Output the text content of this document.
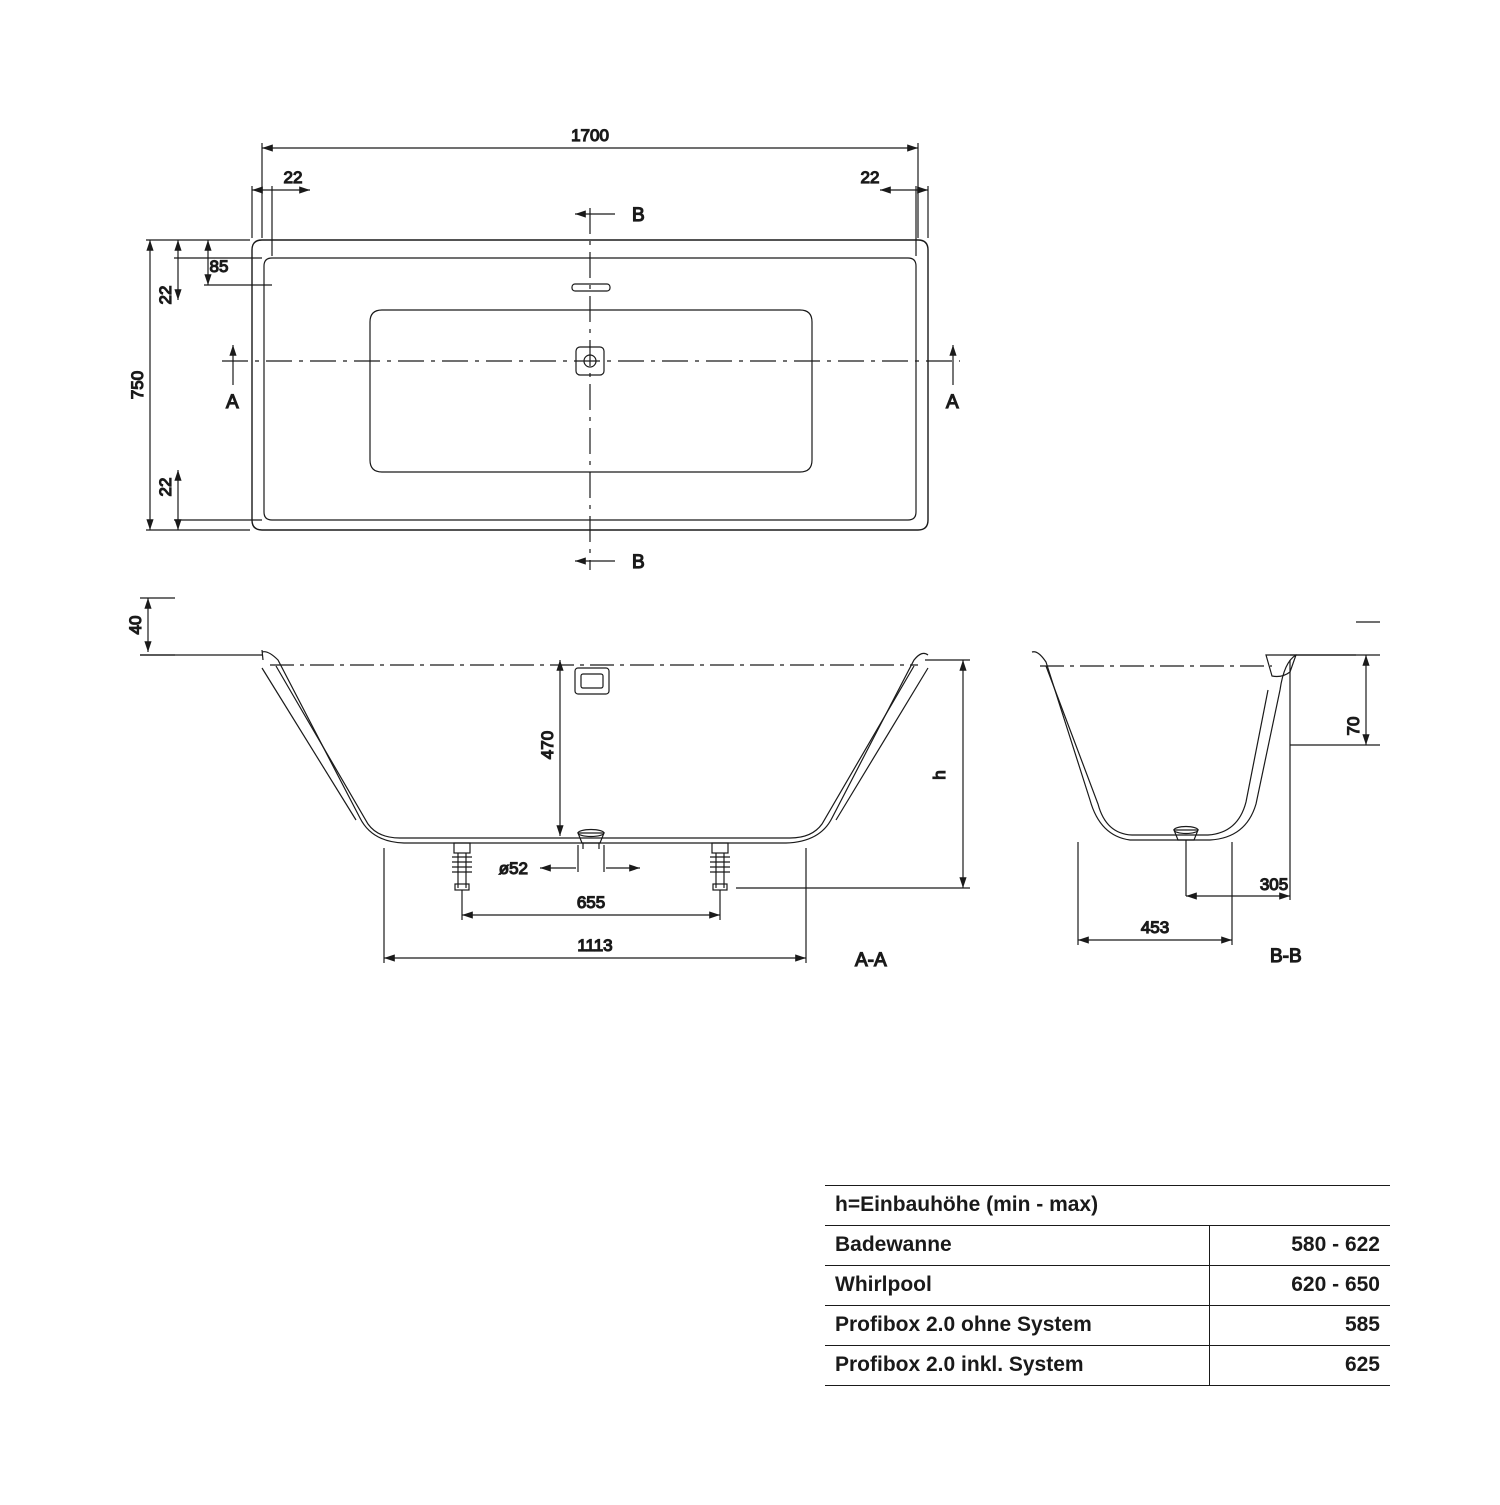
1700
22	22
B
B
A	A
750
22
22
85
40
470
h
ø52
655
1113
A-A
70
305
453
B-B
h=Einbauhöhe (min - max)	
Badewanne	580 - 622
Whirlpool	620 - 650
Profibox 2.0 ohne System	585
Profibox 2.0 inkl. System	625
